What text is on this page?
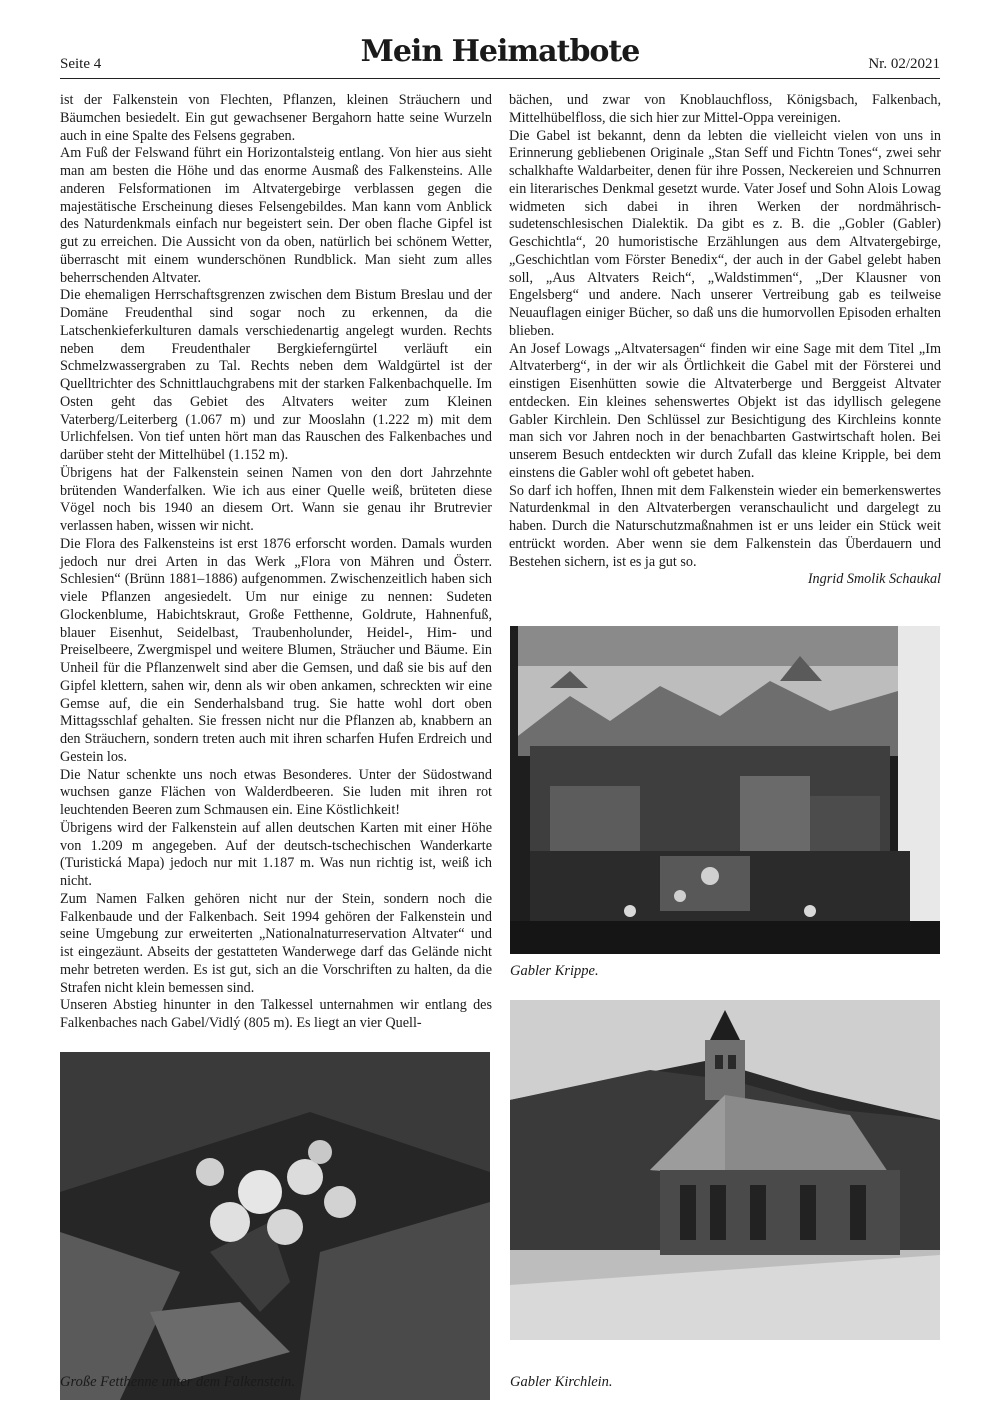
Seite 4	Mein Heimatbote	Nr. 02/2021

ist der Falkenstein von Flechten, Pflanzen, kleinen Sträuchern und Bäumchen besiedelt. Ein gut gewachsener Bergahorn hatte seine Wurzeln auch in eine Spalte des Felsens gegraben.

Am Fuß der Felswand führt ein Horizontalsteig entlang. Von hier aus sieht man am besten die Höhe und das enorme Ausmaß des Falkensteins. Alle anderen Felsformationen im Altvatergebirge verblassen gegen die majestätische Erscheinung dieses Felsengebildes. Man kann vom Anblick des Naturdenkmals einfach nur begeistert sein. Der oben flache Gipfel ist gut zu erreichen. Die Aussicht von da oben, natürlich bei schönem Wetter, überrascht mit einem wunderschönen Rundblick. Man sieht zum alles beherrschenden Altvater.

Die ehemaligen Herrschaftsgrenzen zwischen dem Bistum Breslau und der Domäne Freudenthal sind sogar noch zu erkennen, da die Latschenkieferkulturen damals verschiedenartig angelegt wurden. Rechts neben dem Freudenthaler Bergkieferngürtel verläuft ein Schmelzwassergraben zu Tal. Rechts neben dem Waldgürtel ist der Quelltrichter des Schnittlauchgrabens mit der starken Falkenbachquelle. Im Osten geht das Gebiet des Altvaters weiter zum Kleinen Vaterberg/Leiterberg (1.067 m) und zur Mooslahn (1.222 m) mit dem Urlichfelsen. Von tief unten hört man das Rauschen des Falkenbaches und darüber steht der Mittelhübel (1.152 m).

Übrigens hat der Falkenstein seinen Namen von den dort Jahrzehnte brütenden Wanderfalken. Wie ich aus einer Quelle weiß, brüteten diese Vögel noch bis 1940 an diesem Ort. Wann sie genau ihr Brutrevier verlassen haben, wissen wir nicht.

Die Flora des Falkensteins ist erst 1876 erforscht worden. Damals wurden jedoch nur drei Arten in das Werk „Flora von Mähren und Österr. Schlesien“ (Brünn 1881–1886) aufgenommen. Zwischenzeitlich haben sich viele Pflanzen angesiedelt. Um nur einige zu nennen: Sudeten Glockenblume, Habichtskraut, Große Fetthenne, Goldrute, Hahnenfuß, blauer Eisenhut, Seidelbast, Traubenholunder, Heidel-, Him- und Preiselbeere, Zwergmispel und weitere Blumen, Sträucher und Bäume. Ein Unheil für die Pflanzenwelt sind aber die Gemsen, und daß sie bis auf den Gipfel klettern, sahen wir, denn als wir oben ankamen, schreckten wir eine Gemse auf, die ein Senderhalsband trug. Sie hatte wohl dort oben Mittagsschlaf gehalten. Sie fressen nicht nur die Pflanzen ab, knabbern an den Sträuchern, sondern treten auch mit ihren scharfen Hufen Erdreich und Gestein los.

Die Natur schenkte uns noch etwas Besonderes. Unter der Südostwand wuchsen ganze Flächen von Walderdbeeren. Sie luden mit ihren rot leuchtenden Beeren zum Schmausen ein. Eine Köstlichkeit!

Übrigens wird der Falkenstein auf allen deutschen Karten mit einer Höhe von 1.209 m angegeben. Auf der deutsch-tschechischen Wanderkarte (Turistická Mapa) jedoch nur mit 1.187 m. Was nun richtig ist, weiß ich nicht.

Zum Namen Falken gehören nicht nur der Stein, sondern noch die Falkenbaude und der Falkenbach. Seit 1994 gehören der Falkenstein und seine Umgebung zur erweiterten „Nationalnaturreservation Altvater“ und ist eingezäunt. Abseits der gestatteten Wanderwege darf das Gelände nicht mehr betreten werden. Es ist gut, sich an die Vorschriften zu halten, da die Strafen nicht klein bemessen sind.

Unseren Abstieg hinunter in den Talkessel unternahmen wir entlang des Falkenbaches nach Gabel/Vidlý (805 m). Es liegt an vier Quell-

bächen, und zwar von Knoblauchfloss, Königsbach, Falkenbach, Mittelhübelfloss, die sich hier zur Mittel-Oppa vereinigen.

Die Gabel ist bekannt, denn da lebten die vielleicht vielen von uns in Erinnerung gebliebenen Originale „Stan Seff und Fichtn Tones“, zwei sehr schalkhafte Waldarbeiter, denen für ihre Possen, Neckereien und Schnurren ein literarisches Denkmal gesetzt wurde. Vater Josef und Sohn Alois Lowag widmeten sich dabei in ihren Werken der nordmährisch-sudetenschlesischen Dialektik. Da gibt es z. B. die „Gobler (Gabler) Geschichtla“, 20 humoristische Erzählungen aus dem Altvatergebirge, „Geschichtlan vom Förster Benedix“, der auch in der Gabel gelebt haben soll, „Aus Altvaters Reich“, „Waldstimmen“, „Der Klausner von Engelsberg“ und andere. Nach unserer Vertreibung gab es teilweise Neuauflagen einiger Bücher, so daß uns die humorvollen Episoden erhalten blieben.

An Josef Lowags „Altvatersagen“ finden wir eine Sage mit dem Titel „Im Altvaterberg“, in der wir als Örtlichkeit die Gabel mit der Försterei und einstigen Eisenhütten sowie die Altvaterberge und Berggeist Altvater entdecken. Ein kleines sehenswertes Objekt ist das idyllisch gelegene Gabler Kirchlein. Den Schlüssel zur Besichtigung des Kirchleins konnte man sich vor Jahren noch in der benachbarten Gastwirtschaft holen. Bei unserem Besuch entdeckten wir durch Zufall das kleine Kripple, bei dem einstens die Gabler wohl oft gebetet haben.

So darf ich hoffen, Ihnen mit dem Falkenstein wieder ein bemerkenswertes Naturdenkmal in den Altvaterbergen veranschaulicht und dargelegt zu haben. Durch die Naturschutzmaßnahmen ist er uns leider ein Stück weit entrückt worden. Aber wenn sie dem Falkenstein das Überdauern und Bestehen sichern, ist es ja gut so.

Ingrid Smolik Schaukal

Gabler Krippe.
Große Fetthenne unter dem Falkenstein.	Gabler Kirchlein.
